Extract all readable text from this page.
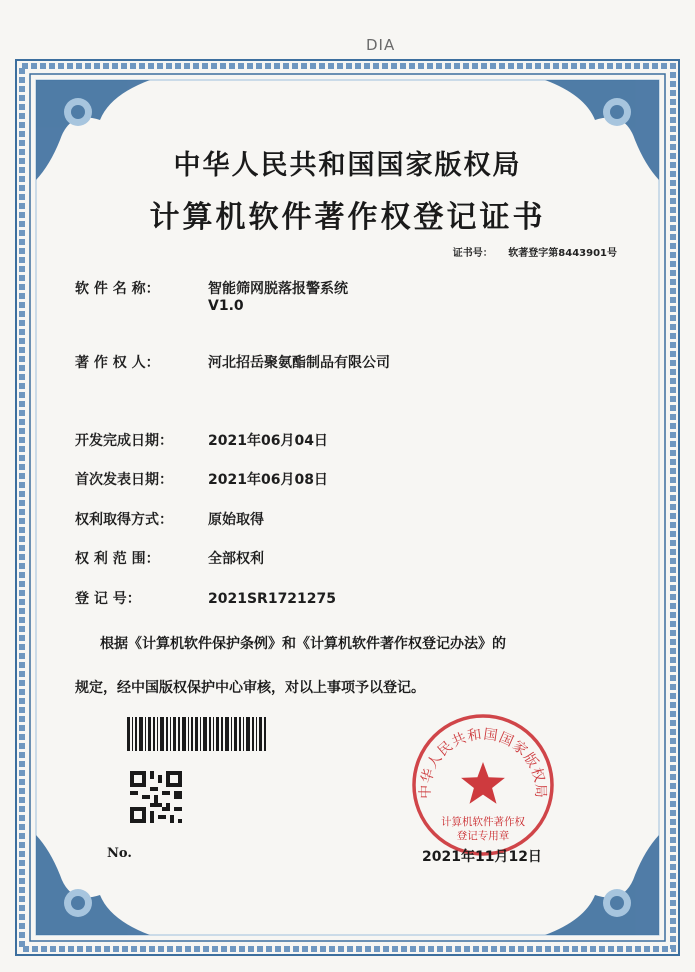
DIA
中华人民共和国国家版权局
计算机软件著作权登记证书
证书号： 软著登字第8443901号
软 件 名 称：	智能筛网脱落报警系统
V1.0
著 作 权 人：	河北招岳聚氨酯制品有限公司
开发完成日期：	2021年06月04日
首次发表日期：	2021年06月08日
权利取得方式：	原始取得
权 利 范 围：	全部权利
登 记 号：	2021SR1721275
根据《计算机软件保护条例》和《计算机软件著作权登记办法》的
规定，经中国版权保护中心审核，对以上事项予以登记。
No.
中华人民共和国国家版权局
计算机软件著作权
登记专用章
2021年11月12日
